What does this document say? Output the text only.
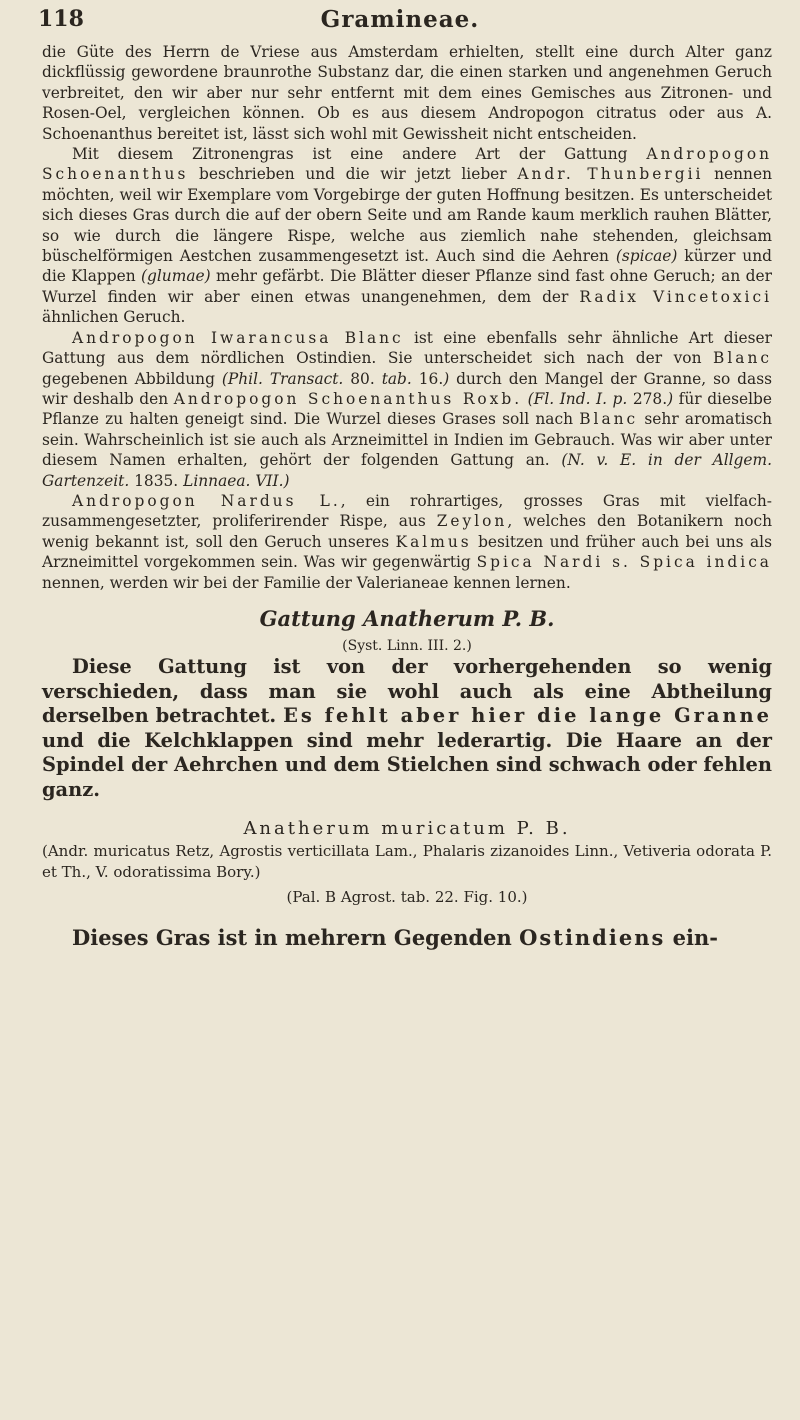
118	Gramineae.

die Güte des Herrn de Vriese aus Amsterdam erhielten, stellt eine durch Alter ganz dickflüssig gewordene braunrothe Substanz dar, die einen starken und angenehmen Geruch verbreitet, den wir aber nur sehr entfernt mit dem eines Gemisches aus Zitronen- und Rosen-Oel, vergleichen können. Ob es aus diesem Andropogon citratus oder aus A. Schoenanthus bereitet ist, lässt sich wohl mit Gewissheit nicht entscheiden.

Mit diesem Zitronengras ist eine andere Art der Gattung Andropogon Schoenanthus beschrieben und die wir jetzt lieber Andr. Thunbergii nennen möchten, weil wir Exemplare vom Vorgebirge der guten Hoffnung besitzen. Es unterscheidet sich dieses Gras durch die auf der obern Seite und am Rande kaum merklich rauhen Blätter, so wie durch die längere Rispe, welche aus ziemlich nahe stehenden, gleichsam büschelförmigen Aestchen zusammengesetzt ist. Auch sind die Aehren (spicae) kürzer und die Klappen (glumae) mehr gefärbt. Die Blätter dieser Pflanze sind fast ohne Geruch; an der Wurzel finden wir aber einen etwas unangenehmen, dem der Radix Vincetoxici ähnlichen Geruch.

Andropogon Iwarancusa Blanc ist eine ebenfalls sehr ähnliche Art dieser Gattung aus dem nördlichen Ostindien. Sie unterscheidet sich nach der von Blanc gegebenen Abbildung (Phil. Transact. 80. tab. 16.) durch den Mangel der Granne, so dass wir deshalb den Andropogon Schoenanthus Roxb. (Fl. Ind. I. p. 278.) für dieselbe Pflanze zu halten geneigt sind. Die Wurzel dieses Grases soll nach Blanc sehr aromatisch sein. Wahrscheinlich ist sie auch als Arzneimittel in Indien im Gebrauch. Was wir aber unter diesem Namen erhalten, gehört der folgenden Gattung an. (N. v. E. in der Allgem. Gartenzeit. 1835. Linnaea. VII.)

Andropogon Nardus L., ein rohrartiges, grosses Gras mit vielfach-zusammengesetzter, proliferirender Rispe, aus Zeylon, welches den Botanikern noch wenig bekannt ist, soll den Geruch unseres Kalmus besitzen und früher auch bei uns als Arzneimittel vorgekommen sein. Was wir gegenwärtig Spica Nardi s. Spica indica nennen, werden wir bei der Familie der Valerianeae kennen lernen.

Gattung Anatherum P. B.
(Syst. Linn. III. 2.)

Diese Gattung ist von der vorhergehenden so wenig verschieden, dass man sie wohl auch als eine Abtheilung derselben betrachtet. Es fehlt aber hier die lange Granne und die Kelchklappen sind mehr lederartig. Die Haare an der Spindel der Aehrchen und dem Stielchen sind schwach oder fehlen ganz.

Anatherum muricatum P. B.

(Andr. muricatus Retz, Agrostis verticillata Lam., Phalaris zizanoides Linn., Vetiveria odorata P. et Th., V. odoratissima Bory.)

(Pal. B Agrost. tab. 22. Fig. 10.)

Dieses Gras ist in mehrern Gegenden Ostindiens ein-
